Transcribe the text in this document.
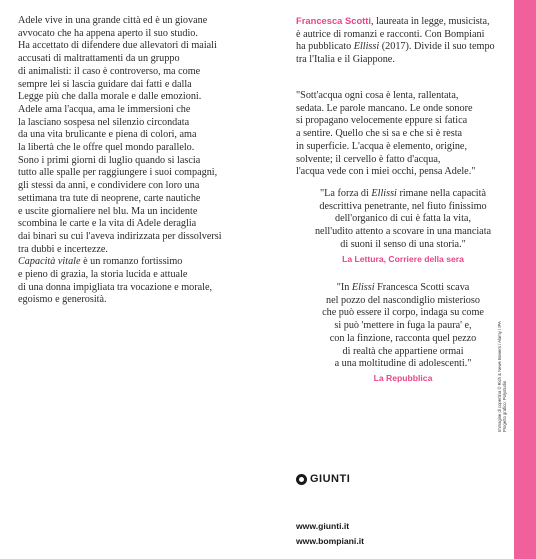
Adele vive in una grande città ed è un giovane
avvocato che ha appena aperto il suo studio.
Ha accettato di difendere due allevatori di maiali
accusati di maltrattamenti da un gruppo
di animalisti: il caso è controverso, ma come
sempre lei si lascia guidare dai fatti e dalla
Legge più che dalla morale e dalle emozioni.
Adele ama l'acqua, ama le immersioni che
la lasciano sospesa nel silenzio circondata
da una vita brulicante e piena di colori, ama
la libertà che le offre quel mondo parallelo.
Sono i primi giorni di luglio quando si lascia
tutto alle spalle per raggiungere i suoi compagni,
gli stessi da anni, e condividere con loro una
settimana tra tute di neoprene, carte nautiche
e uscite giornaliere nel blu. Ma un incidente
scombina le carte e la vita di Adele deraglia
dai binari su cui l'aveva indirizzata per dissolversi
tra dubbi e incertezze.
Capacità vitale è un romanzo fortissimo
e pieno di grazia, la storia lucida e attuale
di una donna impigliata tra vocazione e morale,
egoismo e generosità.
Francesca Scotti, laureata in legge, musicista,
è autrice di romanzi e racconti. Con Bompiani
ha pubblicato Ellissi (2017). Divide il suo tempo
tra l'Italia e il Giappone.
"Sott'acqua ogni cosa è lenta, rallentata,
sedata. Le parole mancano. Le onde sonore
si propagano velocemente eppure si fatica
a sentire. Quello che si sa e che si è resta
in superficie. L'acqua è elemento, origine,
solvente; il cervello è fatto d'acqua,
l'acqua vede con i miei occhi, pensa Adele."
"La forza di Ellissi rimane nella capacità
descrittiva penetrante, nel fiuto finissimo
dell'organico di cui è fatta la vita,
nell'udito attento a scovare in una manciata
di suoni il senso di una storia."
La Lettura, Corriere della sera
"In Elissi Francesca Scotti scava
nel pozzo del nascondiglio misterioso
che può essere il corpo, indaga su come
si può 'mettere in fuga la paura' e,
con la finzione, racconta quel pezzo
di realtà che appartiene ormai
a una moltitudine di adolescenti."
La Repubblica
GIUNTI
www.giunti.it
www.bompiani.it
Immagine di copertina © Rich & Newe Bowers / Alamy / IPA Progetto grafico: Polystudio
